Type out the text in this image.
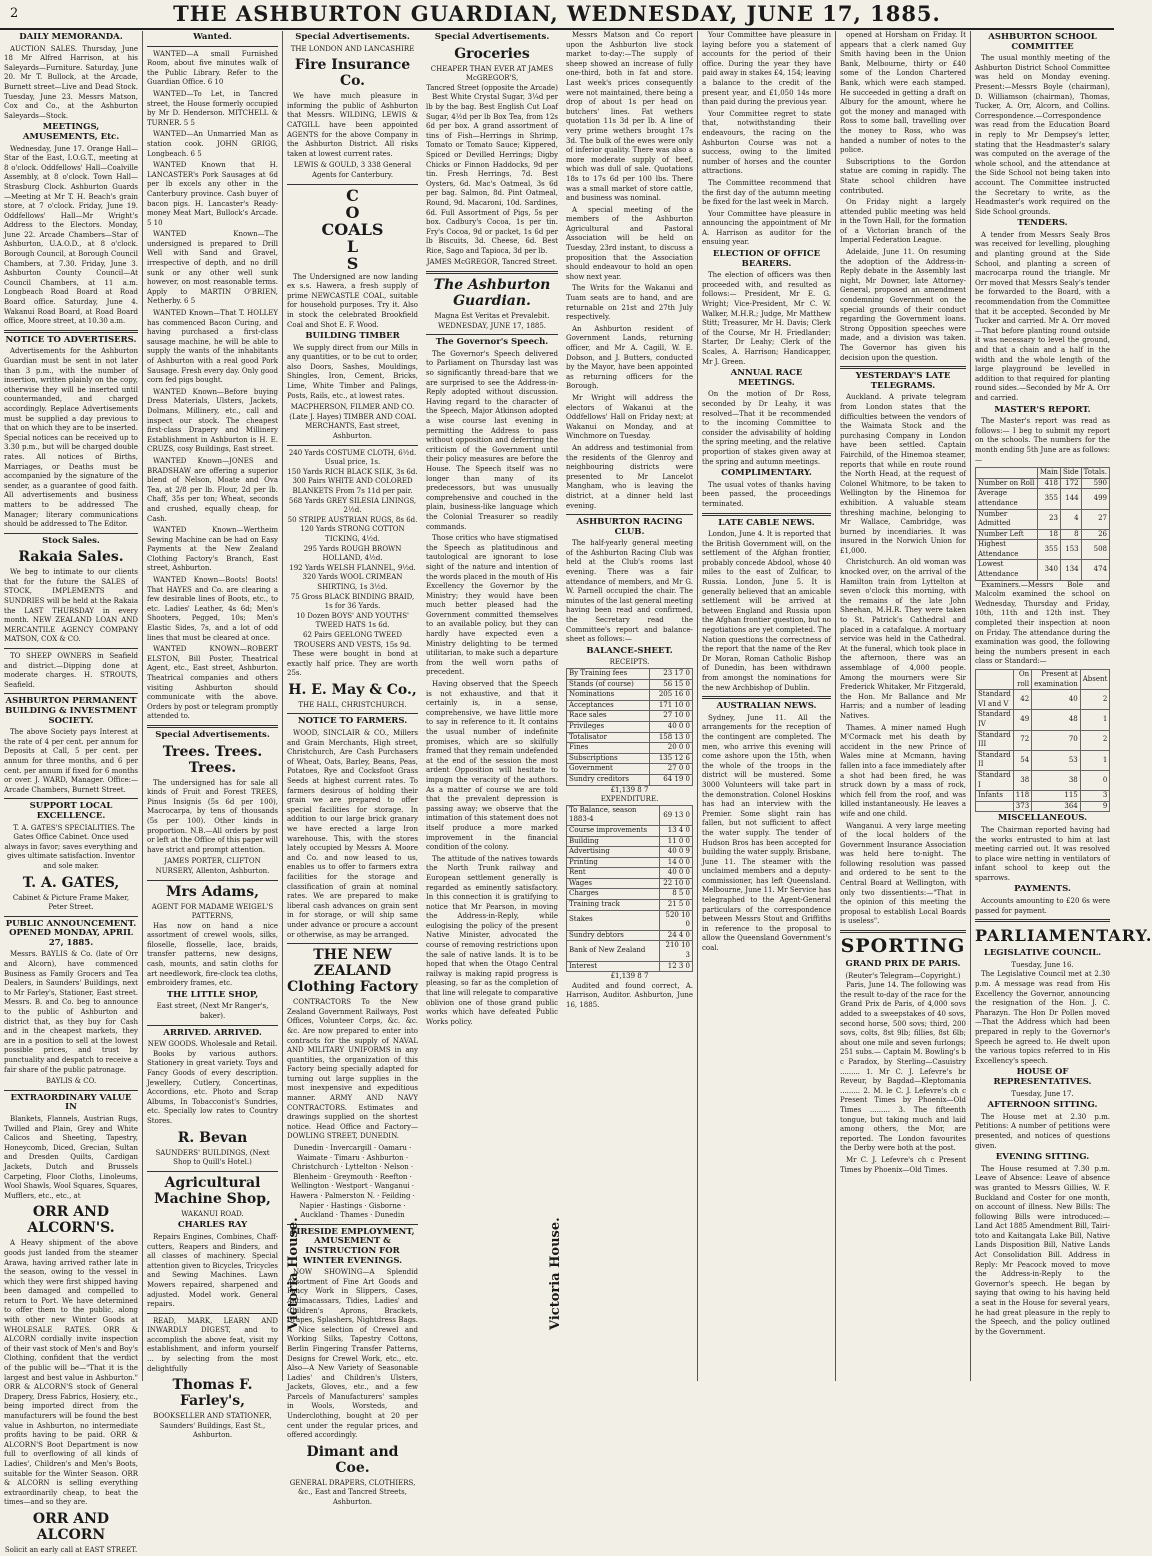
2	THE ASHBURTON GUARDIAN, WEDNESDAY, JUNE 17, 1885.
DAILY MEMORANDA.

AUCTION SALES. Thursday, June 18 Mr Alfred Harrison, at his Saleyards—Furniture. Saturday, June 20. Mr T. Bullock, at the Arcade, Burnett street—Live and Dead Stock. Tuesday, June 23. Messrs Matson, Cox and Co., at the Ashburton Saleyards—Stock.

MEETINGS, AMUSEMENTS, Etc.

Wednesday, June 17. Orange Hall—Star of the East, I.O.G.T., meeting at 8 o'clock. Oddfellows' Hall—Coalville Assembly, at 8 o'clock. Town Hall—Strasburg Clock. Ashburton Guards—Meeting at Mr T. H. Beach's grain store, at 7 o'clock. Friday, June 19. Oddfellows' Hall—Mr Wright's Address to the Electors. Monday, June 22. Arcade Chambers—Star of Ashburton, U.A.O.D., at 8 o'clock. Borough Council, at Borough Council Chambers, at 7.30. Friday, June 3. Ashburton County Council—At Council Chambers, at 11 a.m. Longbeach Road Board at Road Board office. Saturday, June 4. Wakanui Road Board, at Road Board office, Moore street, at 10.30 a.m.

NOTICE TO ADVERTISERS.

Advertisements for the Ashburton Guardian must be sent in not later than 3 p.m., with the number of insertion, written plainly on the copy, otherwise they will be inserted until countermanded, and charged accordingly. Replace Advertisements must be supplied a day previous to that on which they are to be inserted. Special notices can be received up to 3.30 p.m., but will be charged double rates. All notices of Births, Marriages, or Deaths must be accompanied by the signature of the sender, as a guarantee of good faith. All advertisements and business matters to be addressed The Manager; literary communications should be addressed to The Editor.

Stock Sales.
Rakaia Sales.

We beg to intimate to our clients that for the future the SALES of STOCK, IMPLEMENTS and SUNDRIES will be held at the Rakaia the LAST THURSDAY in every month. NEW ZEALAND LOAN AND MERCANTILE AGENCY COMPANY MATSON, COX & CO.

TO SHEEP OWNERS in Seafield and district.—Dipping done at moderate charges. H. STROUTS, Seafield.

ASHBURTON PERMANENT BUILDING & INVESTMENT SOCIETY.

The above Society pays Interest at the rate of 4 per cent. per annum for Deposits at Call, 5 per cent. per annum for three months, and 6 per cent. per annum if fixed for 6 months or over. J. WARD, Manager. Office:—Arcade Chambers, Burnett Street.

SUPPORT LOCAL EXCELLENCE.

T. A. GATES'S SPECIALITIES. The Gates Office Cabinet. Once used always in favor; saves everything and gives ultimate satisfaction. Inventor and sole maker.

T. A. GATES,
Cabinet & Picture Frame Maker, Peter Street.
PUBLIC ANNOUNCEMENT. OPENED MONDAY, APRIL 27, 1885.

Messrs. BAYLIS & Co. (late of Orr and Alcorn), have commenced Business as Family Grocers and Tea Dealers, in Saunders' Buildings, next to Mr Farley's, Stationer, East street. Messrs. B. and Co. beg to announce to the public of Ashburton and district that, as they buy for Cash and in the cheapest markets, they are in a position to sell at the lowest possible prices, and trust by punctuality and despatch to receive a fair share of the public patronage.

BAYLIS & CO.
EXTRAORDINARY VALUE IN

Blankets, Flannels, Austrian Rugs, Twilled and Plain, Grey and White Calicos and Sheeting, Tapestry, Honeycomb, Diced, Grecian, Sultan and Dresden Quilts, Cardigan Jackets, Dutch and Brussels Carpeting, Floor Cloths, Linoleums, Wool Shawls, Wool Squares, Squares, Mufflers, etc., etc., at

ORR AND ALCORN'S.

A Heavy shipment of the above goods just landed from the steamer Arawa, having arrived rather late in the season, owing to the vessel in which they were first shipped having been damaged and compelled to return to Port. We have determined to offer them to the public, along with other new Winter Goods at WHOLESALE RATES. ORR & ALCORN cordially invite inspection of their vast stock of Men's and Boy's Clothing, confident that the verdict of the public will be—"That it is the largest and best value in Ashburton." ORR & ALCORN'S stock of General Drapery, Dress Fabrics, Hosiery, etc., being imported direct from the manufacturers will be found the best value in Ashburton, no intermediate profits having to be paid. ORR & ALCORN'S Boot Department is now full to overflowing of all kinds of Ladies', Children's and Men's Boots, suitable for the Winter Season. ORR & ALCORN is selling everything extraordinarily cheap, to beat the times—and so they are.

ORR AND ALCORN
Solicit an early call at EAST STREET.
Wanted.

WANTED—A small Furnished Room, about five minutes walk of the Public Library. Refer to the Guardian Office. 6 10

WANTED—To Let, in Tancred street, the House formerly occupied by Mr D. Henderson. MITCHELL & TURNER. 5 5

WANTED—An Unmarried Man as station cook. JOHN GRIGG, Longbeach. 6 5

WANTED Known that H. LANCASTER's Pork Sausages at 6d per lb excels any other in the Canterbury province. Cash buyer of bacon pigs. H. Lancaster's Ready-money Meat Mart, Bullock's Arcade. 5 10

WANTED Known—The undersigned is prepared to Drill Well with Sand and Gravel, irrespective of depth, and no drill sunk or any other well sunk however, on most reasonable terms. Apply to MARTIN O'BRIEN, Netherby. 6 5

WANTED Known—That T. HOLLEY has commenced Bacon Curing, and having purchased a first-class sausage machine, he will be able to supply the wants of the inhabitants of Ashburton with a real good Pork Sausage. Fresh every day. Only good corn fed pigs bought.

WANTED Known—Before buying Dress Materials, Ulsters, Jackets, Dolmans, Millinery, etc., call and inspect our stock. The cheapest first-class Drapery and Millinery Establishment in Ashburton is H. E. CRUZS, cosy Buildings, East street.

WANTED Known—JONES and BRADSHAW are offering a superior blend of Nelson, Moate and Ova Tea, at 2/8 per lb. Flour, 2d per lb. Chaff, 35s per ton; Wheat, seconds and crushed, equally cheap, for Cash.

WANTED Known—Wertheim Sewing Machine can be had on Easy Payments at the New Zealand Clothing Factory's Branch, East street, Ashburton.

WANTED Known—Boots! Boots! That HAYES and Co. are clearing a few desirable lines of Boots, etc., to etc. Ladies' Leather, 4s 6d; Men's Shooters, Pegged, 10s; Men's Elastic Sides, 7s, and a lot of odd lines that must be cleared at once.

WANTED KNOWN—ROBERT ELSTON, Bill Poster, Theatrical Agent, etc., East street, Ashburton. Theatrical companies and others visiting Ashburton should communicate with the above. Orders by post or telegram promptly attended to.

Special Advertisements.
Trees. Trees. Trees.

The undersigned has for sale all kinds of Fruit and Forest TREES, Pinus Insignis (5s 6d per 100), Macrocarpa, by tens of thousands (5s per 100). Other kinds in proportion. N.B.—All orders by post or left at the Office of this paper will have strict and prompt attention.

JAMES PORTER, CLIFTON NURSERY, Allenton, Ashburton.
Mrs Adams,
AGENT FOR MADAME WEIGEL'S PATTERNS,

Has now on hand a nice assortment of crewel wools, silks, filoselle, flosselle, lace, braids, transfer patterns, new designs, cash, mounts, and satin cloths for art needlework, fire-clock tea cloths, embroidery frames, etc.

THE LITTLE SHOP,
East street, (Next Mr Ranger's, baker).
ARRIVED. ARRIVED.
NEW GOODS. Wholesale and Retail.

Books by various authors. Stationery in great variety. Toys and Fancy Goods of every description. Jewellery, Cutlery, Concertinas, Accordions, etc. Photo and Scrap Albums, In Tobacconist's Sundries, etc. Specially low rates to Country Stores.

R. Bevan
SAUNDERS' BUILDINGS, (Next Shop to Quill's Hotel.)
Agricultural Machine Shop,
WAKANUI ROAD.
CHARLES RAY

Repairs Engines, Combines, Chaff-cutters, Reapers and Binders, and all classes of machinery. Special attention given to Bicycles, Tricycles and Sewing Machines. Lawn Mowers repaired, sharpened and adjusted. Model work. General repairs.

READ, MARK, LEARN AND INWARDLY DIGEST, and to accomplish the above feat, visit my establishment, and inform yourself ... by selecting from the most delightfully

Thomas F. Farley's,
BOOKSELLER AND STATIONER, Saunders' Buildings, East St., Ashburton.
Special Advertisements.
THE LONDON AND LANCASHIRE
Fire Insurance Co.

We have much pleasure in informing the public of Ashburton that Messrs. WILDING, LEWIS & CATGILL have been appointed AGENTS for the above Company in the Ashburton District. All risks taken at lowest current rates.

LEWIS & GOULD, 3 338 General Agents for Canterbury.
C
O
COALS
L
S

The Undersigned are now landing ex s.s. Hawera, a fresh supply of prime NEWCASTLE COAL, suitable for household purposes. Try it. Also in stock the celebrated Brookfield Coal and Shot E. F. Wood.

BUILDING TIMBER

We supply direct from our Mills in any quantities, or to be cut to order, also Doors, Sashes, Mouldings, Shingles, Iron, Cement, Bricks, Lime, White Timber and Palings, Posts, Rails, etc., at lowest rates.

MACPHERSON, FILMER AND CO. (Late J. Hayes) TIMBER AND COAL MERCHANTS, East street, Ashburton.
240 Yards COSTUME CLOTH, 6½d. Usual price, 1s.
150 Yards RICH BLACK SILK, 3s 6d.
300 Pairs WHITE AND COLORED BLANKETS From 7s 11d per pair.
568 Yards GREY SILESIA LININGS, 2½d.
50 STRIPE AUSTRIAN RUGS, 8s 6d.
120 Yards STRONG COTTON TICKING, 4½d.
295 Yards ROUGH BROWN HOLLAND, 4½d.
192 Yards WELSH FLANNEL, 9½d.
320 Yards WOOL CRIMEAN SHIRTING, 1s 3½d.
75 Gross BLACK BINDING BRAID, 1s for 36 Yards.
10 Dozen BOYS' AND YOUTHS' TWEED HATS 1s 6d.
62 Pairs GEELONG TWEED TROUSERS AND VESTS, 15s 9d.

These were bought in bond at exactly half price. They are worth 25s.

H. E. May & Co.,
THE HALL, CHRISTCHURCH.
NOTICE TO FARMERS.

WOOD, SINCLAIR & CO., Millers and Grain Merchants, High street, Christchurch, Are Cash Purchasers of Wheat, Oats, Barley, Beans, Peas, Potatoes, Rye and Cocksfoot Grass Seeds at highest current rates. To farmers desirous of holding their grain we are prepared to offer special facilities for storage. In addition to our large brick granary we have erected a large Iron warehouse. This, with the stores lately occupied by Messrs A. Moore and Co. and now leased to us, enables us to offer to farmers extra facilities for the storage and classification of grain at nominal rates. We are prepared to make liberal cash advances on grain sent in for storage, or will ship same under advance or procure a account or otherwise, as may be arranged.

THE NEW ZEALAND Clothing Factory

CONTRACTORS To the New Zealand Government Railways, Post Offices, Volunteer Corps, &c. &c. &c. Are now prepared to enter into contracts for the supply of NAVAL AND MILITARY UNIFORMS in any quantities, the organization of this Factory being specially adapted for turning out large supplies in the most inexpensive and expeditious manner. ARMY AND NAVY CONTRACTORS. Estimates and drawings supplied on the shortest notice. Head Office and Factory—DOWLING STREET, DUNEDIN.

Dunedin · Invercargill · Oamaru · Waimate · Timaru · Ashburton · Christchurch · Lyttelton · Nelson · Blenheim · Greymouth · Reefton · Wellington · Westport · Wanganui · Hawera · Palmerston N. · Feilding · Napier · Hastings · Gisborne · Auckland · Thames · Dunedin
FIRESIDE EMPLOYMENT, AMUSEMENT & INSTRUCTION FOR WINTER EVENINGS.

NOW SHOWING—A Splendid Assortment of Fine Art Goods and Fancy Work in Slippers, Cases, Antimacassars, Tidies, Ladies' and Children's Aprons, Brackets, Drapes, Splashers, Nightdress Bags. A Nice selection of Crewel and Working Silks, Tapestry Cottons, Berlin Fingering Transfer Patterns, Designs for Crewel Work, etc., etc. Also—A New Variety of Seasonable Ladies' and Children's Ulsters, Jackets, Gloves, etc., and a few Parcels of Manufacturers' samples in Wools, Worsteds, and Underclothing, bought at 20 per cent under the regular prices, and offered accordingly.

Dimant and Coe.
GENERAL DRAPERS, CLOTHIERS, &c., East and Tancred Streets, Ashburton.
Victoria House.
Special Advertisements.
Groceries
CHEAPER THAN EVER AT JAMES McGREGOR'S,
Tancred Street (opposite the Arcade)

Best White Crystal Sugar, 3¼d per lb by the bag. Best English Cut Loaf Sugar, 4½d per lb Box Tea, from 12s 6d per box. A grand assortment of tins of Fish—Herrings in Shrimp, Tomato or Tomato Sauce; Kippered, Spiced or Devilled Herrings; Digby Chicks or Finnon Haddocks, 9d per tin. Fresh Herrings, 7d. Best Oysters, 6d. Mac's Oatmeal, 3s 6d per bag. Salmon, 8d. Pint Oatmeal, Round, 9d. Macaroni, 10d. Sardines, 6d. Full Assortment of Pigs, 5s per box. Cadbury's Cocoa, 1s per tin. Fry's Cocoa, 9d or packet, 1s 6d per lb Biscuits, 3d. Cheese, 6d. Best Rice, Sago and Tapioca, 3d per lb.

JAMES McGREGOR, Tancred Street.
The Ashburton Guardian.
Magna Est Veritas et Prevalebit.
WEDNESDAY, JUNE 17, 1885.
The Governor's Speech.

The Governor's Speech delivered to Parliament on Thursday last was so significantly thread-bare that we are surprised to see the Address-in-Reply adopted without discussion. Having regard to the character of the Speech, Major Atkinson adopted a wise course last evening in permitting the Address to pass without opposition and deferring the criticism of the Government until their policy measures are before the House. The Speech itself was no longer than many of its predecessors, but was unusually comprehensive and couched in the plain, business-like language which the Colonial Treasurer so readily commands.

Those critics who have stigmatised the Speech as platitudinous and tautological are ignorant to lose sight of the nature and intention of the words placed in the mouth of His Excellency the Governor by the Ministry; they would have been much better pleased had the Government committed themselves to an available policy, but they can hardly have expected even a Ministry delighting to be termed utilitarian, to make such a departure from the well worn paths of precedent.

Having observed that the Speech is not exhaustive, and that it certainly is, in a sense, comprehensive, we have little more to say in reference to it. It contains the usual number of indefinite promises, which are so skilfully framed that they remain undefended at the end of the session the most ardent Opposition will hesitate to impugn the veracity of the authors. As a matter of course we are told that the prevalent depression is passing away; we observe that the intimation of this statement does not itself produce a more marked improvement in the financial condition of the colony.

The attitude of the natives towards the North Trunk railway and European settlement generally is regarded as eminently satisfactory. In this connection it is gratifying to notice that Mr Pearson, in moving the Address-in-Reply, while eulogising the policy of the present Native Minister, advocated the course of removing restrictions upon the sale of native lands. It is to be hoped that when the Otago Central railway is making rapid progress is pleasing, so far as the completion of that line will relegate to comparative oblivion one of those grand public works which have defeated Public Works policy.

Victoria House.

Messrs Matson and Co report upon the Ashburton live stock market to-day:—The supply of sheep showed an increase of fully one-third, both in fat and store. Last week's prices consequently were not maintained, there being a drop of about 1s per head on butchers' lines. Fat wethers quotation 11s 3d per lb. A line of very prime wethers brought 17s 3d. The bulk of the ewes were only of inferior quality. There was also a more moderate supply of beef, which was dull of sale. Quotations 18s to 17s 6d per 100 lbs. There was a small market of store cattle, and business was nominal.

A special meeting of the members of the Ashburton Agricultural and Pastoral Association will be held on Tuesday, 23rd instant, to discuss a proposition that the Association should endeavour to hold an open show next year.

The Writs for the Wakanui and Tuam seats are to hand, and are returnable on 21st and 27th July respectively.

An Ashburton resident of Government Lands, returning officer, and Mr A. Cagill, W. E. Dobson, and J. Butters, conducted by the Mayor, have been appointed as returning officers for the Borough.

Mr Wright will address the electors of Wakanui at the Oddfellows' Hall on Friday next; at Wakanui on Monday, and at Winchmore on Tuesday.

An address and testimonial from the residents of the Glenroy and neighbouring districts were presented to Mr Lancelot Mangham, who is leaving the district, at a dinner held last evening.

ASHBURTON RACING CLUB.

The half-yearly general meeting of the Ashburton Racing Club was held at the Club's rooms last evening. There was a fair attendance of members, and Mr G. W. Parnell occupied the chair. The minutes of the last general meeting having been read and confirmed, the Secretary read the Committee's report and balance-sheet as follows:—

BALANCE-SHEET.
RECEIPTS.
By Training fees	23 17 0
Stands (of course)	56 15 0
Nominations	205 16 0
Acceptances	171 10 0
Race sales	27 10 0
Privileges	40 0 0
Totalisator	158 13 0
Fines	20 0 0
Subscriptions	135 12 6
Government	27 0 0
Sundry creditors	64 19 0
£1,139 8 7
EXPENDITURE.
To Balance, season 1883-4	69 13 0
Course improvements	13 4 0
Building	11 0 0
Advertising	40 0 9
Printing	14 0 0
Rent	40 0 0
Wages	22 10 0
Charges	8 5 0
Training track	21 5 0
Stakes	520 10 0
Sundry debtors	24 4 0
Bank of New Zealand	210 10 3
Interest	12 3 0
£1,139 8 7

Audited and found correct, A. Harrison, Auditor. Ashburton, June 16, 1885.

Your Committee have pleasure in laying before you a statement of accounts for the period of their office. During the year they have paid away in stakes £4, 154; leaving a balance to the credit of the present year, and £1,050 14s more than paid during the previous year.

Your Committee regret to state that, notwithstanding their endeavours, the racing on the Ashburton Course was not a success, owing to the limited number of horses and the counter attractions.

The Committee recommend that the first day of the autumn meeting be fixed for the last week in March.

Your Committee have pleasure in announcing the appointment of Mr A. Harrison as auditor for the ensuing year.

ELECTION OF OFFICE BEARERS.

The election of officers was then proceeded with, and resulted as follows:— President, Mr E. G. Wright; Vice-President, Mr C. W. Walker, M.H.R.; Judge, Mr Matthew Stitt; Treasurer, Mr H. Davis; Clerk of the Course, Mr H. Friedlander; Starter, Dr Leahy; Clerk of the Scales, A. Harrison; Handicapper, Mr J. Green.

ANNUAL RACE MEETINGS.

On the motion of Dr Ross, seconded by Dr Leahy, it was resolved—That it be recommended to the incoming Committee to consider the advisability of holding the spring meeting, and the relative proportion of stakes given away at the spring and autumn meetings.

COMPLIMENTARY.

The usual votes of thanks having been passed, the proceedings terminated.

LATE CABLE NEWS.

London, June 4. It is reported that the British Government will, on the settlement of the Afghan frontier, probably concede Abdool, whose 40 miles to the east of Zulficar, to Russia. London, June 5. It is generally believed that an amicable settlement will be arrived at between England and Russia upon the Afghan frontier question, but no negotiations are yet completed. The Nation questions the correctness of the report that the name of the Rev Dr Moran, Roman Catholic Bishop of Dunedin, has been withdrawn from amongst the nominations for the new Archbishop of Dublin.

AUSTRALIAN NEWS.

Sydney, June 11. All the arrangements for the reception of the contingent are completed. The men, who arrive this evening will come ashore upon the 15th, when the whole of the troops in the district will be mustered. Some 3000 Volunteers will take part in the demonstration. Colonel Hoskins has had an interview with the Premier. Some slight rain has fallen, but not sufficient to affect the water supply. The tender of Hudson Bros has been accepted for building the water supply. Brisbane, June 11. The steamer with the unclaimed members and a deputy-commissioner, has left Queensland. Melbourne, June 11. Mr Service has telegraphed to the Agent-General particulars of the correspondence between Messrs Stout and Griffiths in reference to the proposal to allow the Queensland Government's coal.

opened at Horsham on Friday. It appears that a clerk named Guy Smith having been in the Union Bank, Melbourne, thirty or £40 some of the London Chartered Bank, which were each stamped. He succeeded in getting a draft on Albury for the amount, where he got the money and managed with Ross to some ball, travelling over the money to Ross, who was handed a number of notes to the police.

Subscriptions to the Gordon statue are coming in rapidly. The State school children have contributed.

On Friday night a largely attended public meeting was held in the Town Hall, for the formation of a Victorian branch of the Imperial Federation League.

Adelaide, June 11. On resuming the adoption of the Address-in-Reply debate in the Assembly last night, Mr Downer, late Attorney-General, proposed an amendment condemning Government on the special grounds of their conduct regarding the Government loans. Strong Opposition speeches were made, and a division was taken. The Governor has given his decision upon the question.

YESTERDAY'S LATE TELEGRAMS.

Auckland. A private telegram from London states that the difficulties between the vendors of the Waimata Stock and the purchasing Company in London have been settled. Captain Fairchild, of the Hinemoa steamer, reports that while en route round the North Head, at the request of Colonel Whitmore, to be taken to Wellington by the Hinemoa for exhibition. A valuable steam threshing machine, belonging to Mr Wallace, Cambridge, was burned by incendiaries. It was insured in the Norwich Union for £1,000.

Christchurch. An old woman was knocked over, on the arrival of the Hamilton train from Lyttelton at seven o'clock this morning, with the remains of the late John Sheehan, M.H.R. They were taken to St. Patrick's Cathedral and placed in a catafalque. A mortuary service was held in the Cathedral. At the funeral, which took place in the afternoon, there was an assemblage of 4,000 people. Among the mourners were Sir Frederick Whitaker, Mr Fitzgerald, the Hon. Mr Ballance and Mr Harris; and a number of leading Natives.

Thames. A miner named Hugh M'Cormack met his death by accident in the new Prince of Wales mine at Mcmann, having fallen into a face immediately after a shot had been fired, he was struck down by a mass of rock, which fell from the roof, and was killed instantaneously. He leaves a wife and one child.

Wanganui. A very large meeting of the local holders of the Government Insurance Association was held here to-night. The following resolution was passed and ordered to be sent to the Central Board at Wellington, with only two dissentients:—"That in the opinion of this meeting the proposal to establish Local Boards is useless".

SPORTING
GRAND PRIX DE PARIS.
(Reuter's Telegram—Copyright.)

Paris, June 14. The following was the result to-day of the race for the Grand Prix de Paris, of 4,000 sovs added to a sweepstakes of 40 sovs, second horse, 500 sovs; third, 200 sovs, colts, 8st 9lb; fillies, 8st 6lb; about one mile and seven furlongs; 251 subs.— Captain M. Bowling's b c Paradox, by Sterling—Casuistry ......... 1. Mr C. J. Lefevre's br Reveur, by Bagdad—Kleptomania ......... 2. M. le C. J. Lefevre's ch c Present Times by Phoenix—Old Times ......... 3. The fifteenth tongue, but taking much and laid among others, the Mor, are reported. The London favourites the Derby were both at the post.

Mr C. J. Lefevre's ch c Present Times by Phoenix—Old Times.

ASHBURTON SCHOOL COMMITTEE

The usual monthly meeting of the Ashburton District School Committee was held on Monday evening. Present:—Messrs Boyle (chairman), D. Williamson (chairman), Thomas, Tucker, A. Orr, Alcorn, and Collins. Correspondence.—Correspondence was read from the Education Board in reply to Mr Dempsey's letter, stating that the Headmaster's salary was computed on the average of the whole school, and the attendance at the Side School not being taken into account. The Committee instructed the Secretary to write, as the Headmaster's work required on the Side School grounds.

TENDERS.

A tender from Messrs Sealy Bros was received for levelling, ploughing and planting ground at the Side School, and planting a screen of macrocarpa round the triangle. Mr Orr moved that Messrs Sealy's tender be forwarded to the Board, with a recommendation from the Committee that it be accepted. Seconded by Mr Tucker and carried. Mr A. Orr moved—That before planting round outside it was necessary to level the ground, and that a chain and a half in the width and the whole length of the large playground be levelled in addition to that required for planting round sides.—Seconded by Mr A. Orr and carried.

MASTER'S REPORT.

The Master's report was read as follows:— I beg to submit my report on the schools. The numbers for the month ending 5th June are as follows:—

	Main	Side	Totals.
Number on Roll	418	172	590
Average attendance	355	144	499
Number Admitted	23	4	27
Number Left	18	8	26
Highest Attendance	355	153	508
Lowest Attendance	340	134	474

Examiners.—Messrs Bole and Malcolm examined the school on Wednesday, Thursday and Friday, 10th, 11th and 12th inst. They completed their inspection at noon on Friday. The attendance during the examination was good, the following being the numbers present in each class or Standard:—

	On roll	Present at examination	Absent
Standard VI and V	42	40	2
Standard IV	49	48	1
Standard III	72	70	2
Standard II	54	53	1
Standard I	38	38	0
Infants	118	115	3
	373	364	9
MISCELLANEOUS.

The Chairman reported having had the works entrusted to him at last meeting carried out. It was resolved to place wire netting in ventilators of infant school to keep out the sparrows.

PAYMENTS.

Accounts amounting to £20 6s were passed for payment.

PARLIAMENTARY.
LEGISLATIVE COUNCIL.
Tuesday, June 16.

The Legislative Council met at 2.30 p.m. A message was read from His Excellency the Governor, announcing the resignation of the Hon. J. C. Pharazyn. The Hon Dr Pollen moved—That the Address which had been prepared in reply to the Governor's Speech be agreed to. He dwelt upon the various topics referred to in His Excellency's speech.

HOUSE OF REPRESENTATIVES.
Tuesday, June 17.
AFTERNOON SITTING.

The House met at 2.30 p.m. Petitions: A number of petitions were presented, and notices of questions given.

EVENING SITTING.

The House resumed at 7.30 p.m. Leave of Absence: Leave of absence was granted to Messrs Gillies, W. F. Buckland and Coster for one month, on account of illness. New Bills: The following Bills were introduced:—Land Act 1885 Amendment Bill, Tairi-toto and Kaitangata Lake Bill, Native Lands Disposition Bill, Native Lands Act Consolidation Bill. Address in Reply: Mr Peacock moved to move the Address-in-Reply to the Governor's speech. He began by saying that owing to his having held a seat in the House for several years, he had great pleasure in the reply to the Speech, and the policy outlined by the Government.
